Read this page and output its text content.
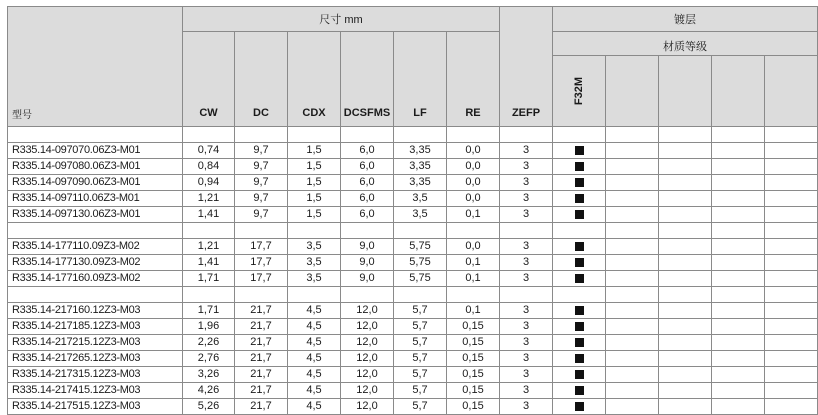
型号	尺寸 mm						ZEFP	镀层				
	CW	DC	CDX	DCSFMS	LF	RE		材质等级				
								F32M				

R335.14-097070.06Z3-M01	0,74	9,7	1,5	6,0	3,35	0,0	3					
R335.14-097080.06Z3-M01	0,84	9,7	1,5	6,0	3,35	0,0	3					
R335.14-097090.06Z3-M01	0,94	9,7	1,5	6,0	3,35	0,0	3					
R335.14-097110.06Z3-M01	1,21	9,7	1,5	6,0	3,5	0,0	3					
R335.14-097130.06Z3-M01	1,41	9,7	1,5	6,0	3,5	0,1	3					

R335.14-177110.09Z3-M02	1,21	17,7	3,5	9,0	5,75	0,0	3					
R335.14-177130.09Z3-M02	1,41	17,7	3,5	9,0	5,75	0,1	3					
R335.14-177160.09Z3-M02	1,71	17,7	3,5	9,0	5,75	0,1	3					

R335.14-217160.12Z3-M03	1,71	21,7	4,5	12,0	5,7	0,1	3					
R335.14-217185.12Z3-M03	1,96	21,7	4,5	12,0	5,7	0,15	3					
R335.14-217215.12Z3-M03	2,26	21,7	4,5	12,0	5,7	0,15	3					
R335.14-217265.12Z3-M03	2,76	21,7	4,5	12,0	5,7	0,15	3					
R335.14-217315.12Z3-M03	3,26	21,7	4,5	12,0	5,7	0,15	3					
R335.14-217415.12Z3-M03	4,26	21,7	4,5	12,0	5,7	0,15	3					
R335.14-217515.12Z3-M03	5,26	21,7	4,5	12,0	5,7	0,15	3					
